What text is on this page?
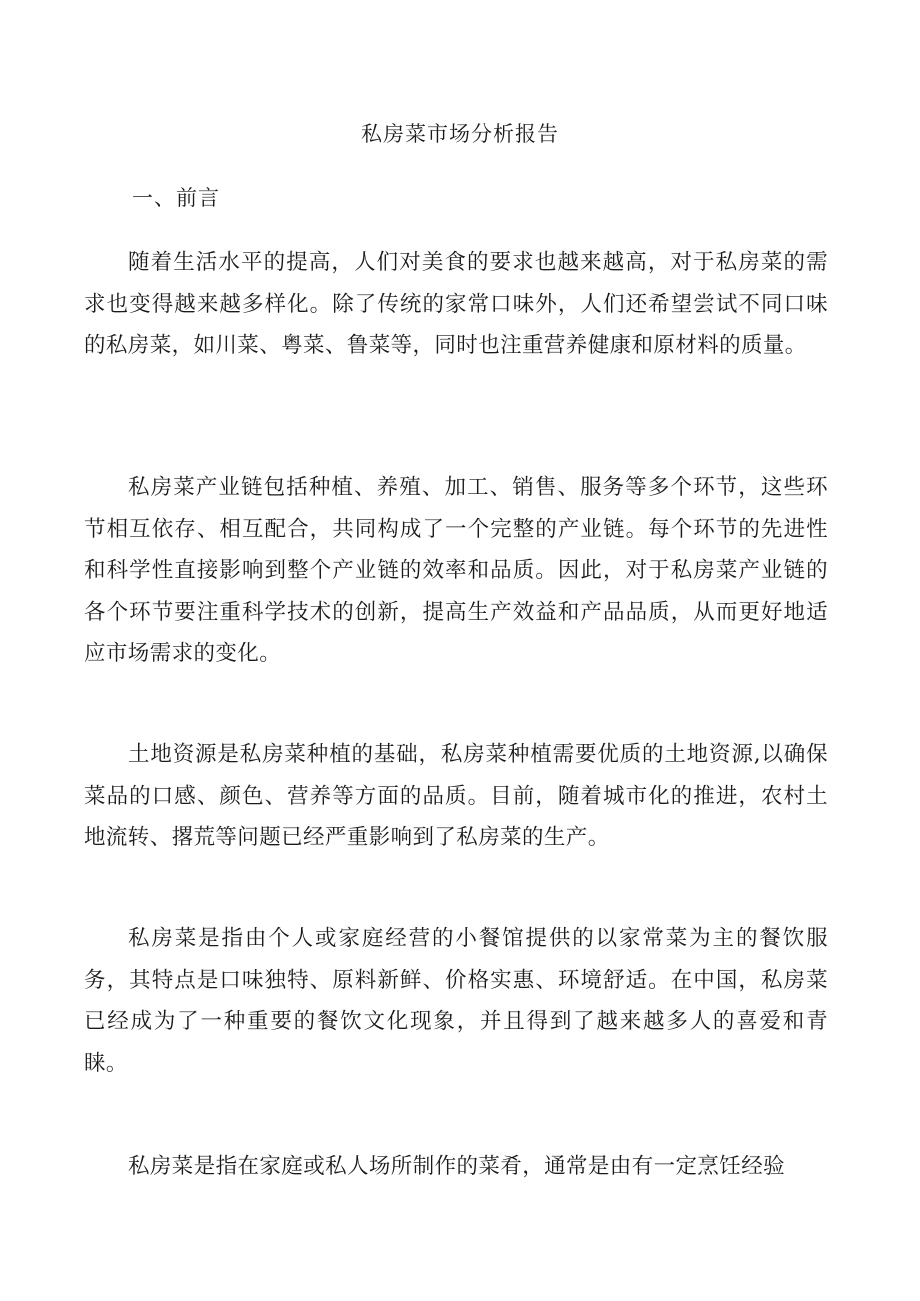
私房菜市场分析报告
一、前言

随着生活水平的提高，人们对美食的要求也越来越高，对于私房菜的需求也变得越来越多样化。除了传统的家常口味外，人们还希望尝试不同口味的私房菜，如川菜、粤菜、鲁菜等，同时也注重营养健康和原材料的质量。

私房菜产业链包括种植、养殖、加工、销售、服务等多个环节，这些环节相互依存、相互配合，共同构成了一个完整的产业链。每个环节的先进性和科学性直接影响到整个产业链的效率和品质。因此，对于私房菜产业链的各个环节要注重科学技术的创新，提高生产效益和产品品质，从而更好地适应市场需求的变化。

土地资源是私房菜种植的基础，私房菜种植需要优质的土地资源,以确保菜品的口感、颜色、营养等方面的品质。目前，随着城市化的推进，农村土地流转、撂荒等问题已经严重影响到了私房菜的生产。

私房菜是指由个人或家庭经营的小餐馆提供的以家常菜为主的餐饮服务，其特点是口味独特、原料新鲜、价格实惠、环境舒适。在中国，私房菜已经成为了一种重要的餐饮文化现象，并且得到了越来越多人的喜爱和青睐。

私房菜是指在家庭或私人场所制作的菜肴，通常是由有一定烹饪经验
